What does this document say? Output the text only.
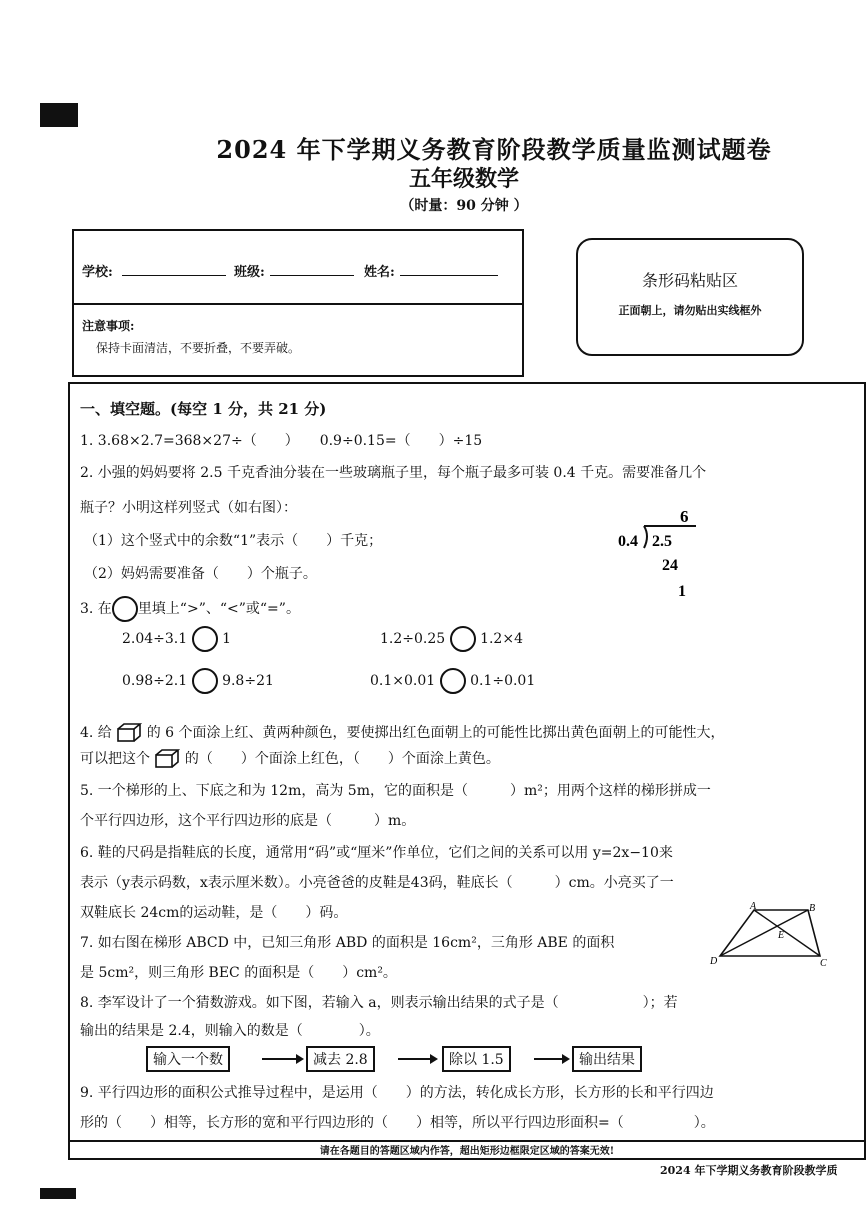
2024 年下学期义务教育阶段教学质量监测试题卷
五年级数学
（时量：90 分钟 ）
学校:	班级:	姓名:
注意事项:
保持卡面清洁，不要折叠，不要弄破。
条形码粘贴区
正面朝上，请勿贴出实线框外
一、填空题。(每空 1 分，共 21 分)
1. 3.68×2.7=368×27÷（　　）　　0.9÷0.15=（　　）÷15
2. 小强的妈妈要将 2.5 千克香油分装在一些玻璃瓶子里，每个瓶子最多可装 0.4 千克。需要准备几个
瓶子？小明这样列竖式（如右图）：
（1）这个竖式中的余数“1”表示（　　）千克；
（2）妈妈需要准备（　　）个瓶子。
6
0.4 2.5
24
1
3. 在 里填上“>”、“<”或“=”。
2.04÷3.1 1	1.2÷0.25 1.2×4
0.98÷2.1 9.8÷21	0.1×0.01 0.1÷0.01
4. 给 的 6 个面涂上红、黄两种颜色，要使掷出红色面朝上的可能性比掷出黄色面朝上的可能性大，
可以把这个 的（　　）个面涂上红色，（　　）个面涂上黄色。
5. 一个梯形的上、下底之和为 12m，高为 5m，它的面积是（　　　）m²；用两个这样的梯形拼成一
个平行四边形，这个平行四边形的底是（　　　）m。
6. 鞋的尺码是指鞋底的长度，通常用“码”或“厘米”作单位，它们之间的关系可以用 y=2x−10来
表示（y表示码数，x表示厘米数）。小亮爸爸的皮鞋是43码，鞋底长（　　　）cm。小亮买了一
双鞋底长 24cm的运动鞋，是（　　）码。
7. 如右图在梯形 ABCD 中，已知三角形 ABD 的面积是 16cm²，三角形 ABE 的面积
是 5cm²，则三角形 BEC 的面积是（　　）cm²。
A	B
E
D	C
8. 李军设计了一个猜数游戏。如下图，若输入 a，则表示输出结果的式子是（　　　　　　）；若
输出的结果是 2.4，则输入的数是（　　　　）。
输入一个数	减去 2.8	除以 1.5	输出结果
9. 平行四边形的面积公式推导过程中，是运用（　　）的方法，转化成长方形，长方形的长和平行四边
形的（　　）相等，长方形的宽和平行四边形的（　　）相等，所以平行四边形面积=（　　　　　）。
请在各题目的答题区域内作答，超出矩形边框限定区域的答案无效!
2024 年下学期义务教育阶段教学质
